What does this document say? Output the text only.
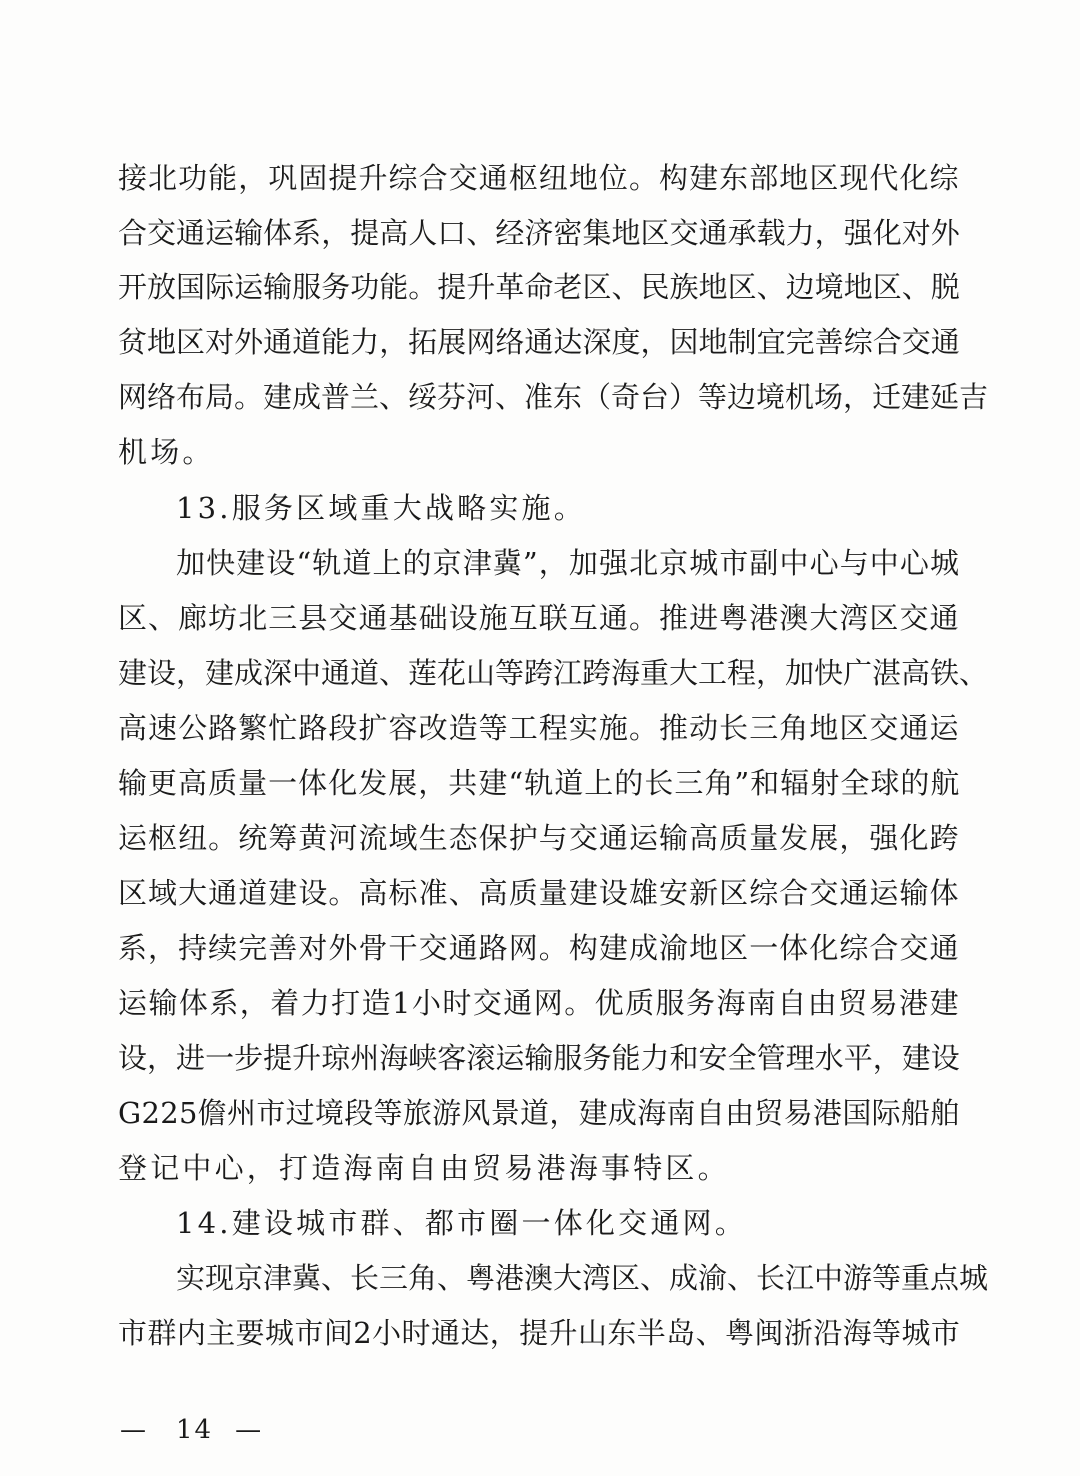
接北功能，巩固提升综合交通枢纽地位。构建东部地区现代化综
合交通运输体系，提高人口、经济密集地区交通承载力，强化对外
开放国际运输服务功能。提升革命老区、民族地区、边境地区、脱
贫地区对外通道能力，拓展网络通达深度，因地制宜完善综合交通
网络布局。建成普兰、绥芬河、准东（奇台）等边境机场，迁建延吉
机场。
13.服务区域重大战略实施。
加快建设“轨道上的京津冀”，加强北京城市副中心与中心城
区、廊坊北三县交通基础设施互联互通。推进粤港澳大湾区交通
建设，建成深中通道、莲花山等跨江跨海重大工程，加快广湛高铁、
高速公路繁忙路段扩容改造等工程实施。推动长三角地区交通运
输更高质量一体化发展，共建“轨道上的长三角”和辐射全球的航
运枢纽。统筹黄河流域生态保护与交通运输高质量发展，强化跨
区域大通道建设。高标准、高质量建设雄安新区综合交通运输体
系，持续完善对外骨干交通路网。构建成渝地区一体化综合交通
运输体系，着力打造1小时交通网。优质服务海南自由贸易港建
设，进一步提升琼州海峡客滚运输服务能力和安全管理水平，建设
G225儋州市过境段等旅游风景道，建成海南自由贸易港国际船舶
登记中心，打造海南自由贸易港海事特区。
14.建设城市群、都市圈一体化交通网。
实现京津冀、长三角、粤港澳大湾区、成渝、长江中游等重点城
市群内主要城市间2小时通达，提升山东半岛、粤闽浙沿海等城市
— 14 —
